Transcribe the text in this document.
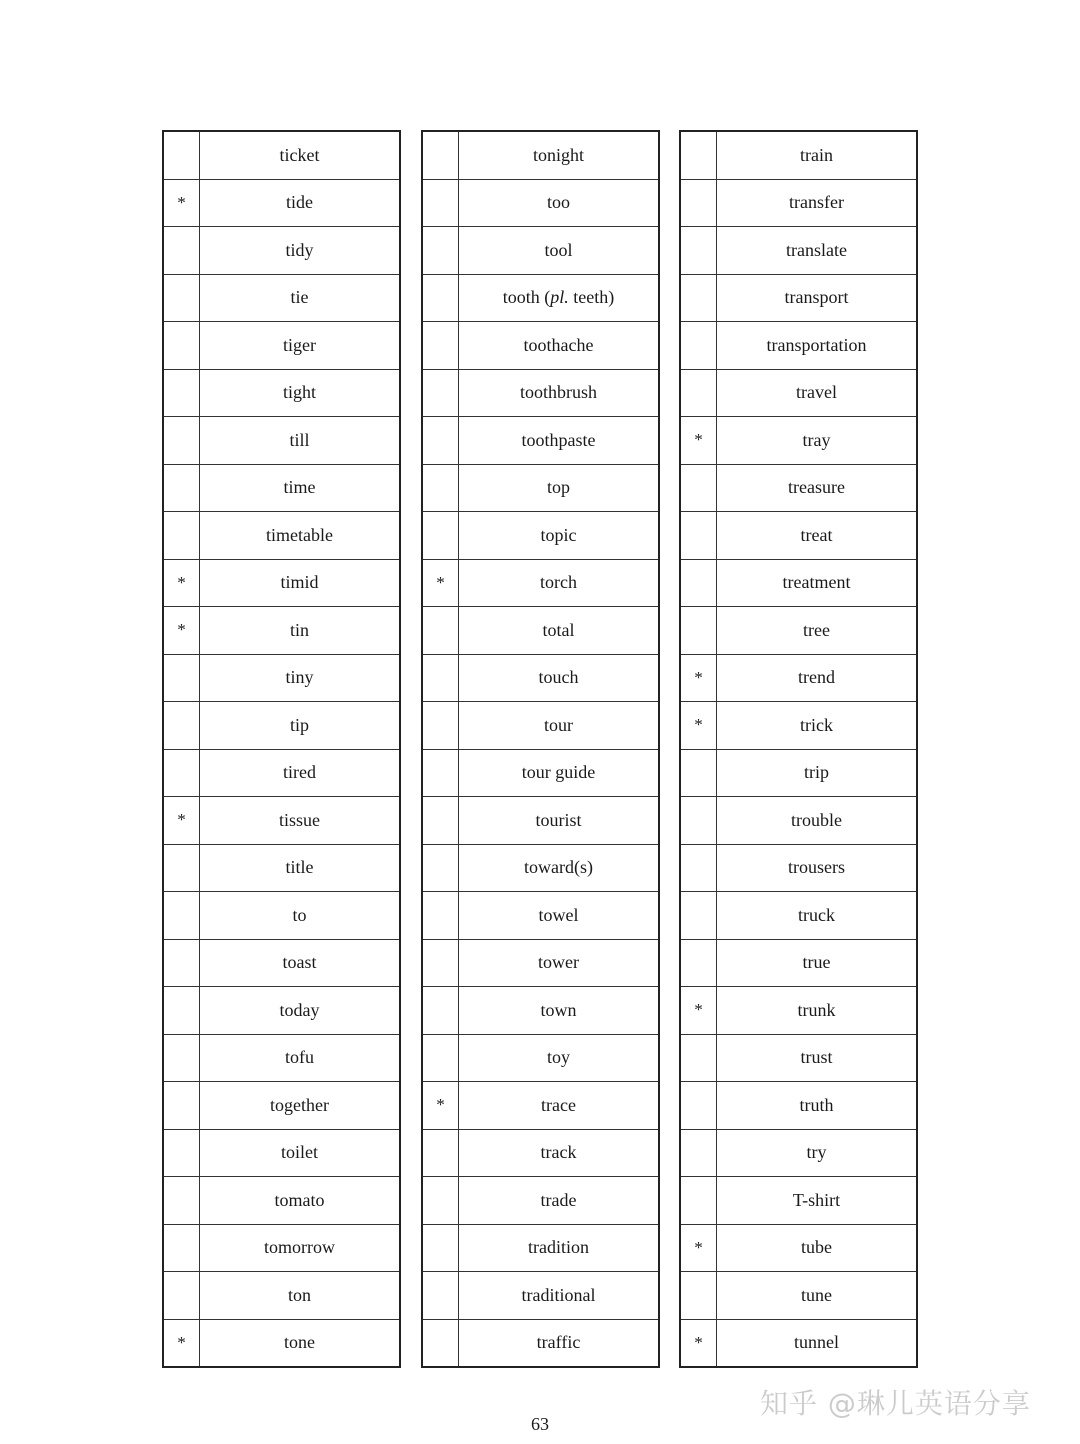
	ticket
*	tide
	tidy
	tie
	tiger
	tight
	till
	time
	timetable
*	timid
*	tin
	tiny
	tip
	tired
*	tissue
	title
	to
	toast
	today
	tofu
	together
	toilet
	tomato
	tomorrow
	ton
*	tone
	tonight
	too
	tool
	tooth (pl. teeth)
	toothache
	toothbrush
	toothpaste
	top
	topic
*	torch
	total
	touch
	tour
	tour guide
	tourist
	toward(s)
	towel
	tower
	town
	toy
*	trace
	track
	trade
	tradition
	traditional
	traffic
	train
	transfer
	translate
	transport
	transportation
	travel
*	tray
	treasure
	treat
	treatment
	tree
*	trend
*	trick
	trip
	trouble
	trousers
	truck
	true
*	trunk
	trust
	truth
	try
	T-shirt
*	tube
	tune
*	tunnel
63
知乎 @琳儿英语分享
